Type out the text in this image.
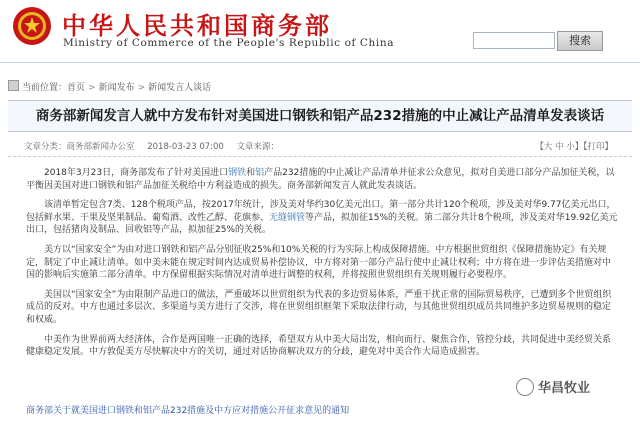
中华人民共和国商务部
Ministry of Commerce of the People's Republic of China	搜索
当前位置：首页 > 新闻发布 > 新闻发言人谈话
商务部新闻发言人就中方发布针对美国进口钢铁和铝产品232措施的中止减让产品清单发表谈话
文章分类：商务部新闻办公室 2018-03-23 07:00 文章来源：	【大 中 小】【打印】

2018年3月23日，商务部发布了针对美国进口钢铁和铝产品232措施的中止减让产品清单并征求公众意见，拟对自美进口部分产品加征关税，以平衡因美国对进口钢铁和铝产品加征关税给中方利益造成的损失。商务部新闻发言人就此发表谈话。

该清单暂定包含7类、128个税项产品，按2017年统计，涉及美对华约30亿美元出口。第一部分共计120个税项，涉及美对华9.77亿美元出口，包括鲜水果、干果及坚果制品、葡萄酒、改性乙醇、花旗参、无缝钢管等产品，拟加征15%的关税。第二部分共计8个税项，涉及美对华19.92亿美元出口，包括猪肉及制品、回收铝等产品，拟加征25%的关税。

美方以“国家安全”为由对进口钢铁和铝产品分别征收25%和10%关税的行为实际上构成保障措施。中方根据世贸组织《保障措施协定》有关规定，制定了中止减让清单。如中美未能在规定时间内达成贸易补偿协议，中方将对第一部分产品行使中止减让权利；中方将在进一步评估美措施对中国的影响后实施第二部分清单。中方保留根据实际情况对清单进行调整的权利，并将按照世贸组织有关规则履行必要程序。

美国以“国家安全”为由限制产品进口的做法，严重破坏以世贸组织为代表的多边贸易体系，严重干扰正常的国际贸易秩序，已遭到多个世贸组织成员的反对。中方也通过多层次、多渠道与美方进行了交涉，将在世贸组织框架下采取法律行动，与其他世贸组织成员共同维护多边贸易规则的稳定和权威。

中美作为世界前两大经济体，合作是两国唯一正确的选择，希望双方从中美大局出发，相向而行、聚焦合作，管控分歧，共同促进中美经贸关系健康稳定发展。中方敦促美方尽快解决中方的关切，通过对话协商解决双方的分歧，避免对中美合作大局造成损害。

华昌牧业
商务部关于就美国进口钢铁和铝产品232措施及中方应对措施公开征求意见的通知
